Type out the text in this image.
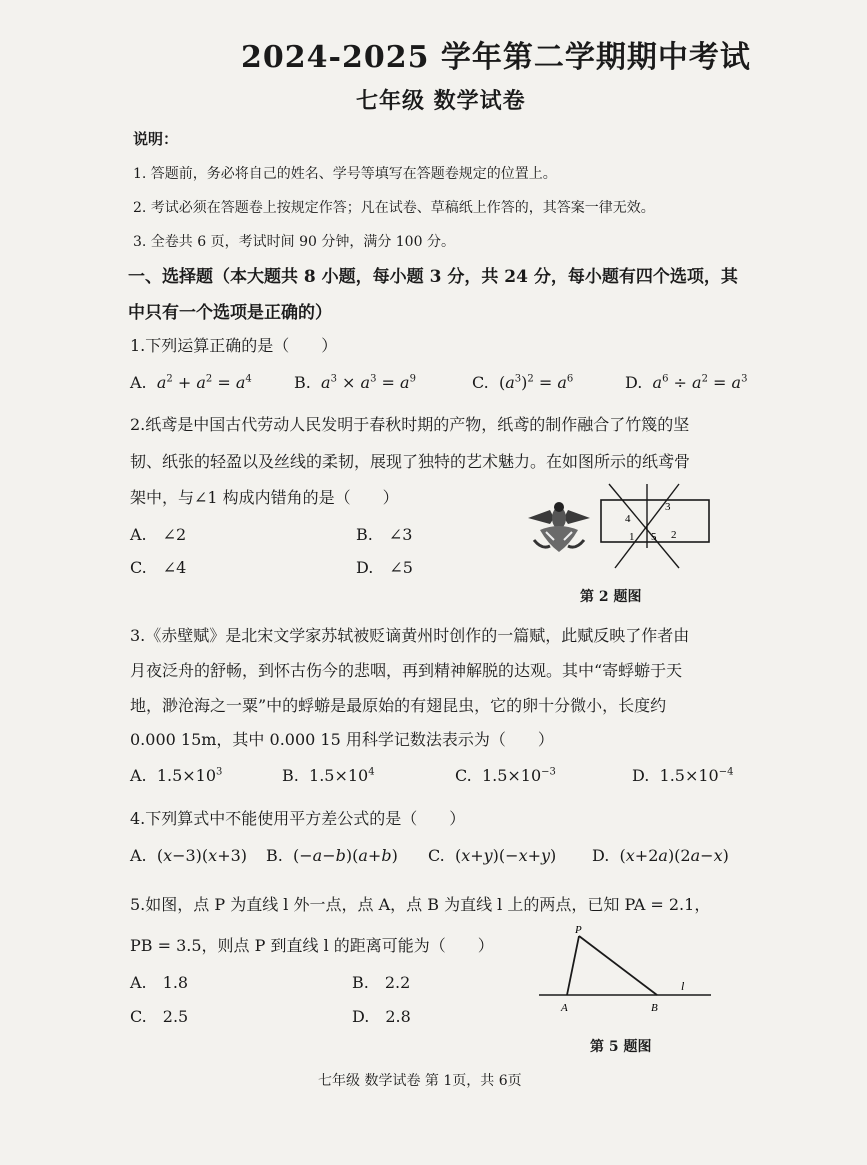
2024-2025 学年第二学期期中考试
七年级 数学试卷
说明：
1. 答题前，务必将自己的姓名、学号等填写在答题卷规定的位置上。
2. 考试必须在答题卷上按规定作答；凡在试卷、草稿纸上作答的，其答案一律无效。
3. 全卷共 6 页，考试时间 90 分钟，满分 100 分。
一、选择题（本大题共 8 小题，每小题 3 分，共 24 分，每小题有四个选项，其
中只有一个选项是正确的）
1.下列运算正确的是（　　）
A. $a^2 + a^2 = a^4$	B. $a^3 \times a^3 = a^9$	C.  $(a^3)^2 = a^6$	D. $a^6 \div a^2 = a^3$
2.纸鸢是中国古代劳动人民发明于春秋时期的产物，纸鸢的制作融合了竹篾的坚
韧、纸张的轻盈以及丝线的柔韧，展现了独特的艺术魅力。在如图所示的纸鸢骨
架中，与∠1 构成内错角的是（　　）
A.　∠2	B.　∠3
C.　∠4	D.　∠5
1	2
3
4
5
第 2 题图
3.《赤壁赋》是北宋文学家苏轼被贬谪黄州时创作的一篇赋，此赋反映了作者由
月夜泛舟的舒畅，到怀古伤今的悲咽，再到精神解脱的达观。其中“寄蜉蝣于天
地，渺沧海之一粟”中的蜉蝣是最原始的有翅昆虫，它的卵十分微小，长度约
0.000 15m，其中 0.000 15 用科学记数法表示为（　　）
A. $1.5\times 10^3$	B. $1.5\times 10^4$	C. $1.5\times 10^{-3}$	D. $1.5\times 10^{-4}$
4.下列算式中不能使用平方差公式的是（　　）
A.  (x−3)(x+3) B.  (−a−b)(a+b) C.  (x+y)(−x+y) D.  (x+2a)(2a−x)
5.如图，点 P 为直线 l 外一点，点 A，点 B 为直线 l 上的两点，已知 PA = 2.1，
PB = 3.5，则点 P 到直线 l 的距离可能为（　　）
A.　1.8	B.　2.2
C.　2.5	D.　2.8
P
A	B
l
第 5 题图
七年级 数学试卷 第 1页，共 6页
